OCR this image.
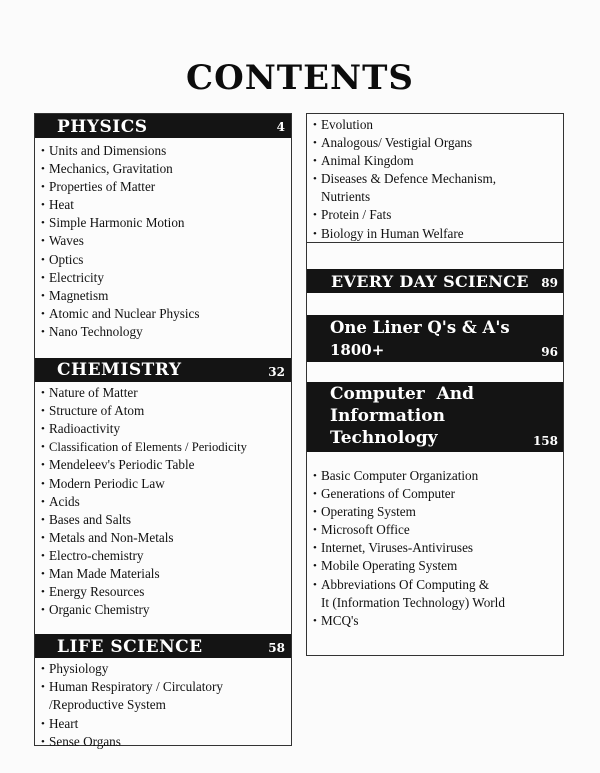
CONTENTS
PHYSICS	4
• Units and Dimensions
• Mechanics, Gravitation
• Properties of Matter
• Heat
• Simple Harmonic Motion
• Waves
• Optics
• Electricity
• Magnetism
• Atomic and Nuclear Physics
• Nano Technology
CHEMISTRY	32
• Nature of Matter
• Structure of Atom
• Radioactivity
• Classification of Elements / Periodicity
• Mendeleev's Periodic Table
• Modern Periodic Law
• Acids
• Bases and Salts
• Metals and Non-Metals
• Electro-chemistry
• Man Made Materials
• Energy Resources
• Organic Chemistry
LIFE SCIENCE	58
• Physiology
• Human Respiratory / Circulatory
/Reproductive System
• Heart
• Sense Organs
• Evolution
• Analogous/ Vestigial Organs
• Animal Kingdom
• Diseases & Defence Mechanism,
Nutrients
• Protein / Fats
• Biology in Human Welfare
EVERY DAY SCIENCE 89
One Liner Q's & A's
1800+	96
Computer  And
Information
Technology	158
• Basic Computer Organization
• Generations of Computer
• Operating System
• Microsoft Office
• Internet, Viruses-Antiviruses
• Mobile Operating System
• Abbreviations Of Computing &
It (Information Technology) World
• MCQ's
